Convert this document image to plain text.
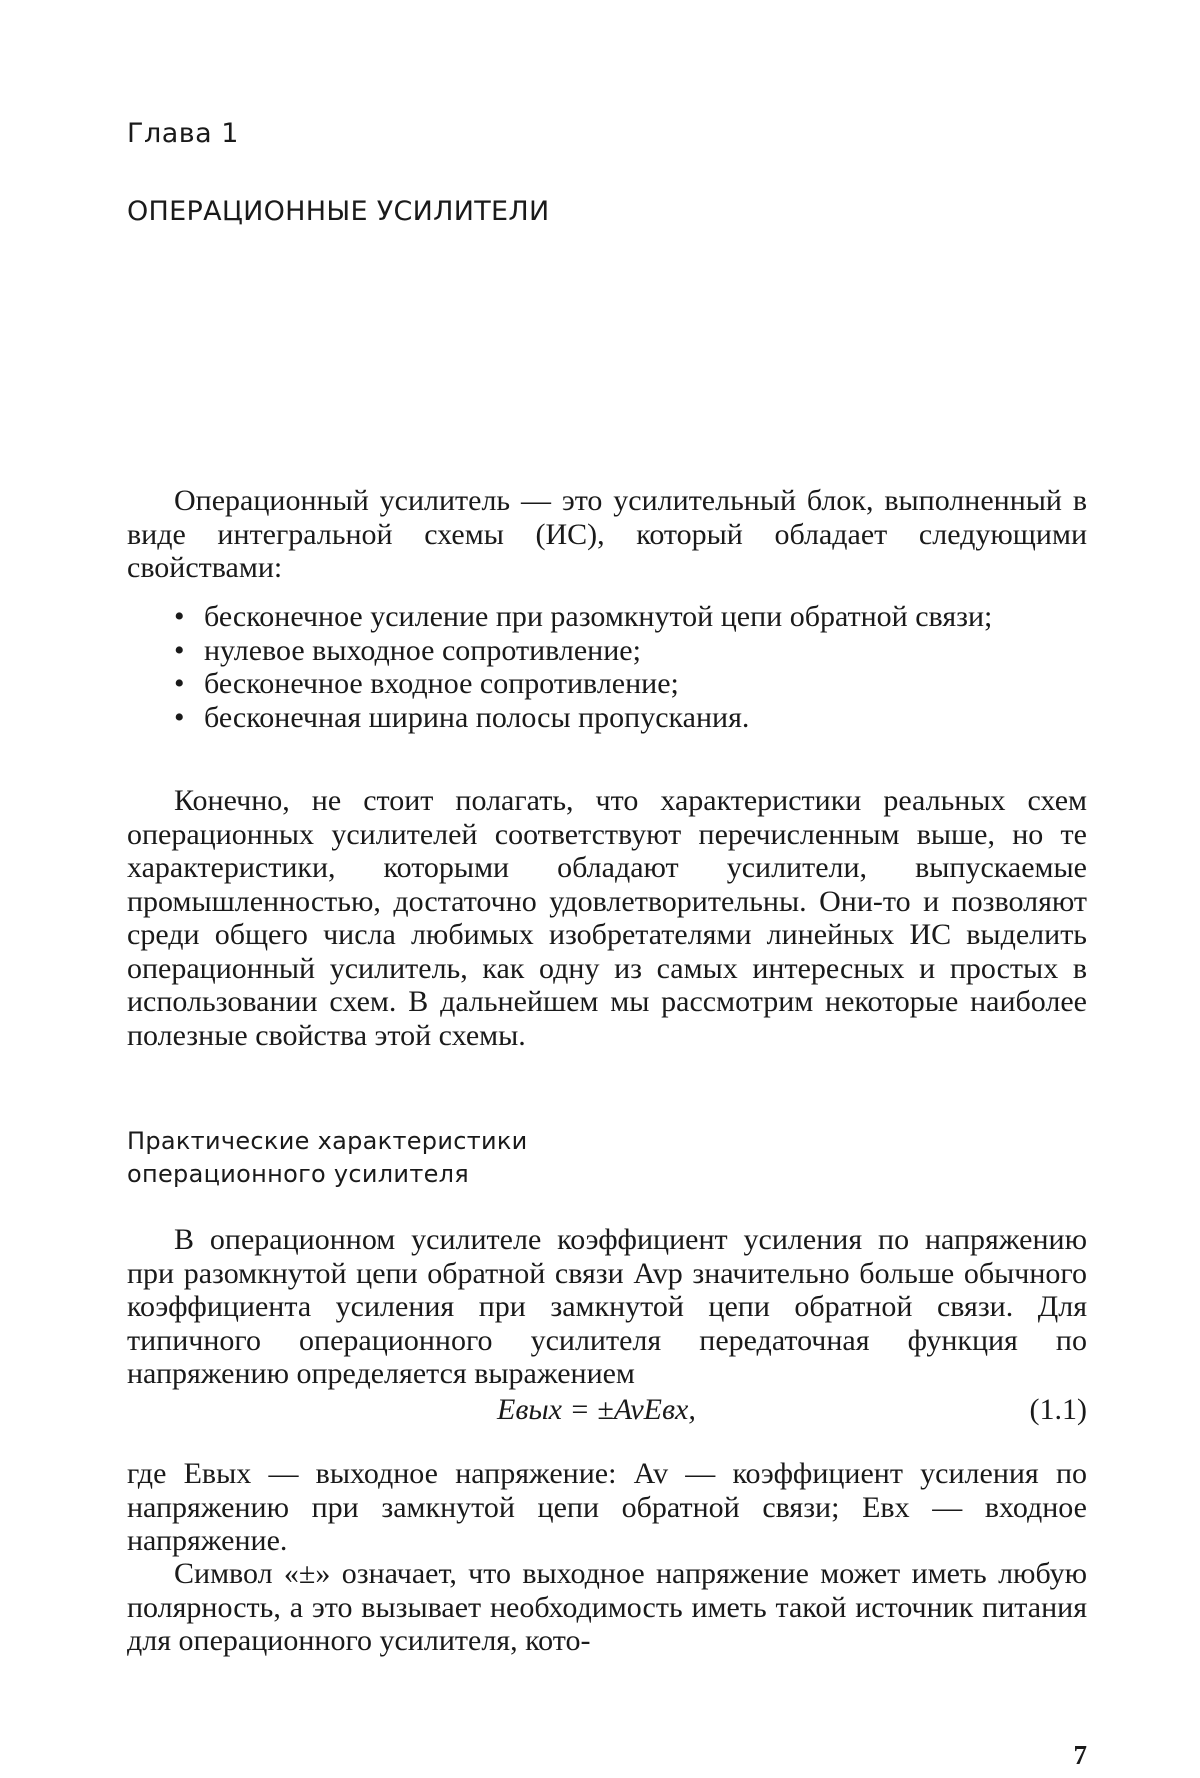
Глава 1
ОПЕРАЦИОННЫЕ УСИЛИТЕЛИ

Операционный усилитель — это усилительный блок, выполненный в виде интегральной схемы (ИС), который обладает следующими свойствами:

• бесконечное усиление при разомкнутой цепи обратной связи;
• нулевое выходное сопротивление;
• бесконечное входное сопротивление;
• бесконечная ширина полосы пропускания.

Конечно, не стоит полагать, что характеристики реальных схем операционных усилителей соответствуют перечисленным выше, но те характеристики, которыми обладают усилители, выпускаемые промышленностью, достаточно удовлетворительны. Они-то и позволяют среди общего числа любимых изобретателями линейных ИС выделить операционный усилитель, как одну из самых интересных и простых в использовании схем. В дальнейшем мы рассмотрим некоторые наиболее полезные свойства этой схемы.

Практические характеристики
операционного усилителя

В операционном усилителе коэффициент усиления по напряжению при разомкнутой цепи обратной связи Avp значительно больше обычного коэффициента усиления при замкнутой цепи обратной связи. Для типичного операционного усилителя передаточная функция по напряжению определяется выражением

Eвых = ±AvEвх,	(1.1)

где Eвых — выходное напряжение: Av — коэффициент усиления по напряжению при замкнутой цепи обратной связи; Eвх — входное напряжение.

Символ «±» означает, что выходное напряжение может иметь любую полярность, а это вызывает необходимость иметь такой источник питания для операционного усилителя, кото-

7
